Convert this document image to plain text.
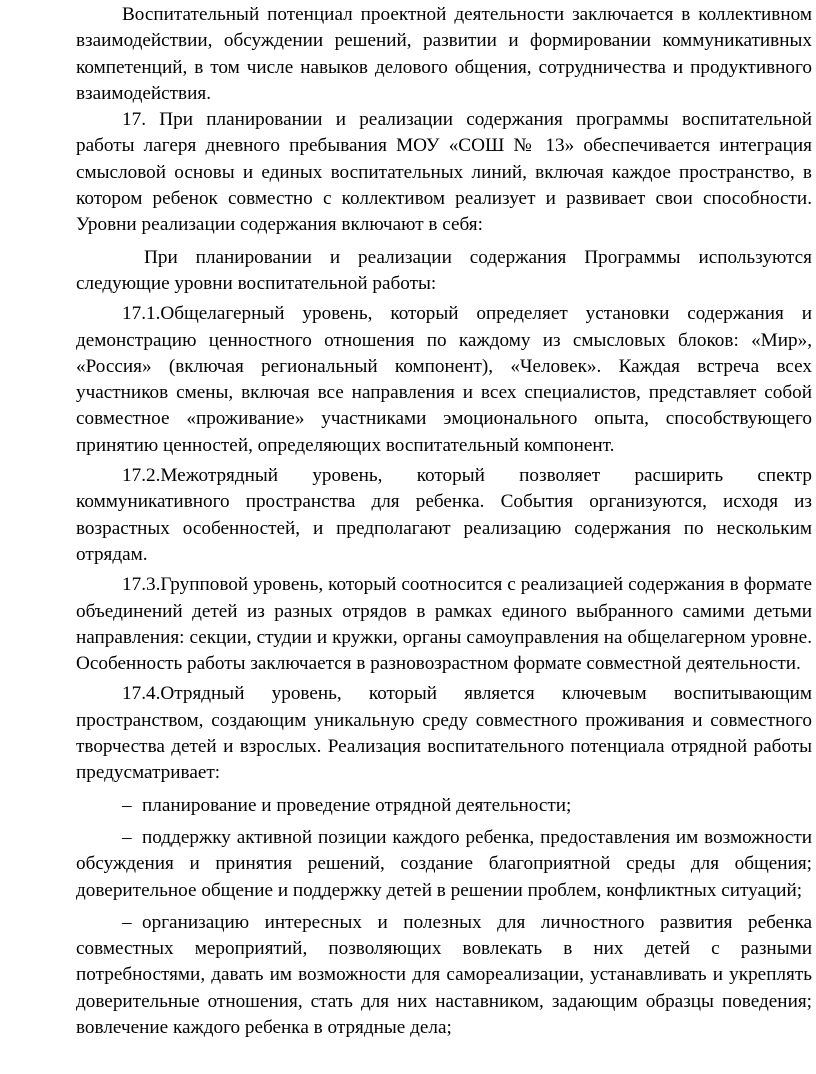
Воспитательный потенциал проектной деятельности заключается в коллективном взаимодействии, обсуждении решений, развитии и формировании коммуникативных компетенций, в том числе навыков делового общения, сотрудничества и продуктивного взаимодействия.

17. При планировании и реализации содержания программы воспитательной работы лагеря дневного пребывания МОУ «СОШ № 13» обеспечивается интеграция смысловой основы и единых воспитательных линий, включая каждое пространство, в котором ребенок совместно с коллективом реализует и развивает свои способности. Уровни реализации содержания включают в себя:

При планировании и реализации содержания Программы используются следующие уровни воспитательной работы:

17.1.Общелагерный уровень, который определяет установки содержания и демонстрацию ценностного отношения по каждому из смысловых блоков: «Мир», «Россия» (включая региональный компонент), «Человек». Каждая встреча всех участников смены, включая все направления и всех специалистов, представляет собой совместное «проживание» участниками эмоционального опыта, способствующего принятию ценностей, определяющих воспитательный компонент.

17.2.Межотрядный уровень, который позволяет расширить спектр коммуникативного пространства для ребенка. События организуются, исходя из возрастных особенностей, и предполагают реализацию содержания по нескольким отрядам.

17.3.Групповой уровень, который соотносится с реализацией содержания в формате объединений детей из разных отрядов в рамках единого выбранного самими детьми направления: секции, студии и кружки, органы самоуправления на общелагерном уровне. Особенность работы заключается в разновозрастном формате совместной деятельности.

17.4.Отрядный уровень, который является ключевым воспитывающим пространством, создающим уникальную среду совместного проживания и совместного творчества детей и взрослых. Реализация воспитательного потенциала отрядной работы предусматривает:

– планирование и проведение отрядной деятельности;

– поддержку активной позиции каждого ребенка, предоставления им возможности обсуждения и принятия решений, создание благоприятной среды для общения; доверительное общение и поддержку детей в решении проблем, конфликтных ситуаций;

– организацию интересных и полезных для личностного развития ребенка совместных мероприятий, позволяющих вовлекать в них детей с разными потребностями, давать им возможности для самореализации, устанавливать и укреплять доверительные отношения, стать для них наставником, задающим образцы поведения; вовлечение каждого ребенка в отрядные дела;
